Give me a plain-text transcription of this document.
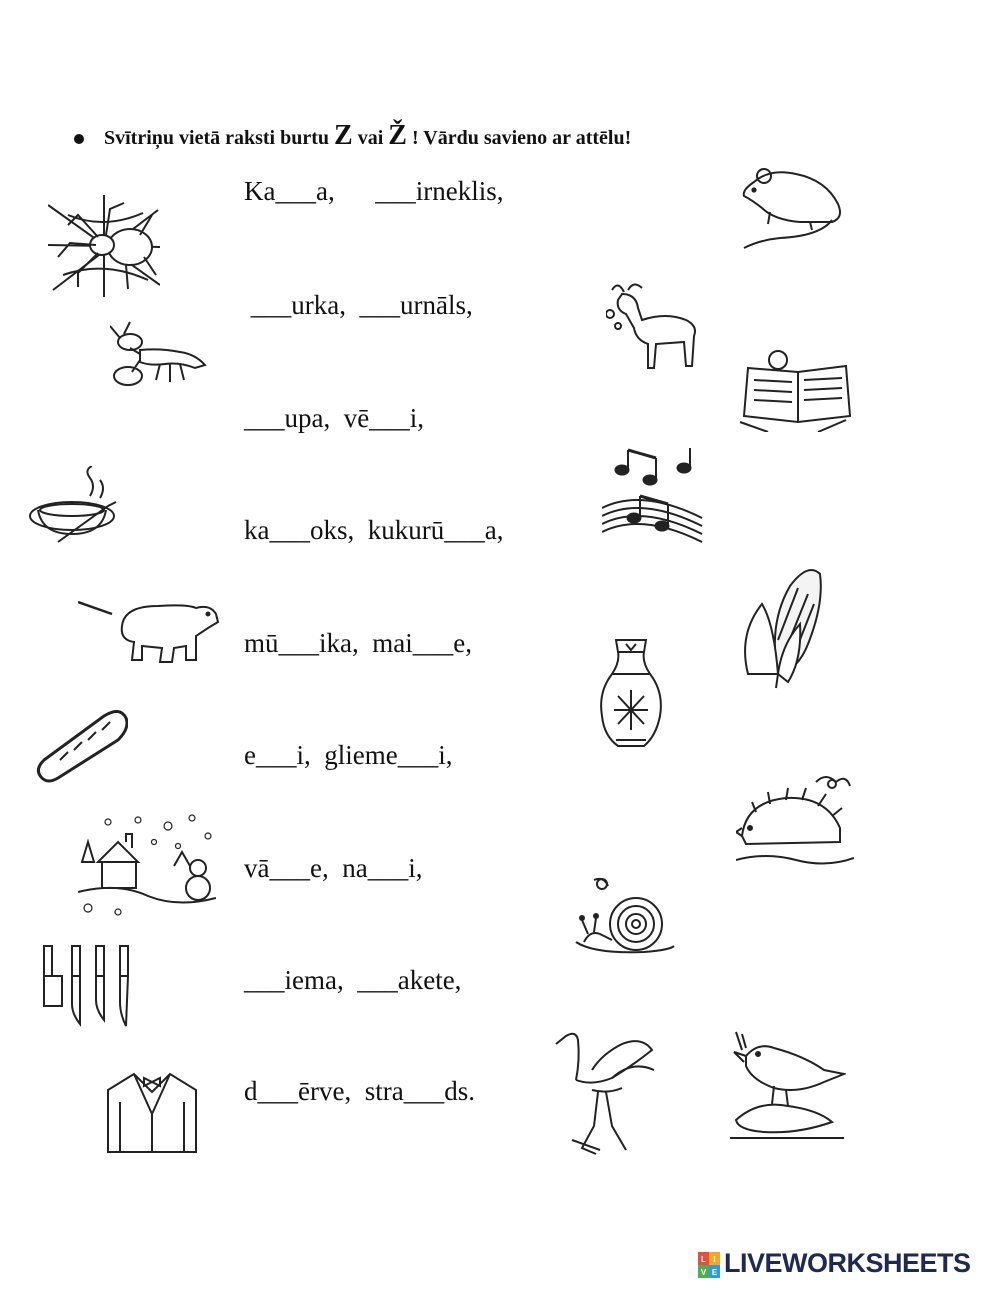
Svītriņu vietā raksti burtu Z vai Ž ! Vārdu savieno ar attēlu!
Ka___a,      ___irneklis,
___urka,  ___urnāls,
___upa,  vē___i,
ka___oks,  kukurū___a,
mū___ika,  mai___e,
e___i,  glieme___i,
vā___e,  na___i,
___iema,  ___akete,
d___ērve,  stra___ds.
L I
V E LIVEWORKSHEETS
